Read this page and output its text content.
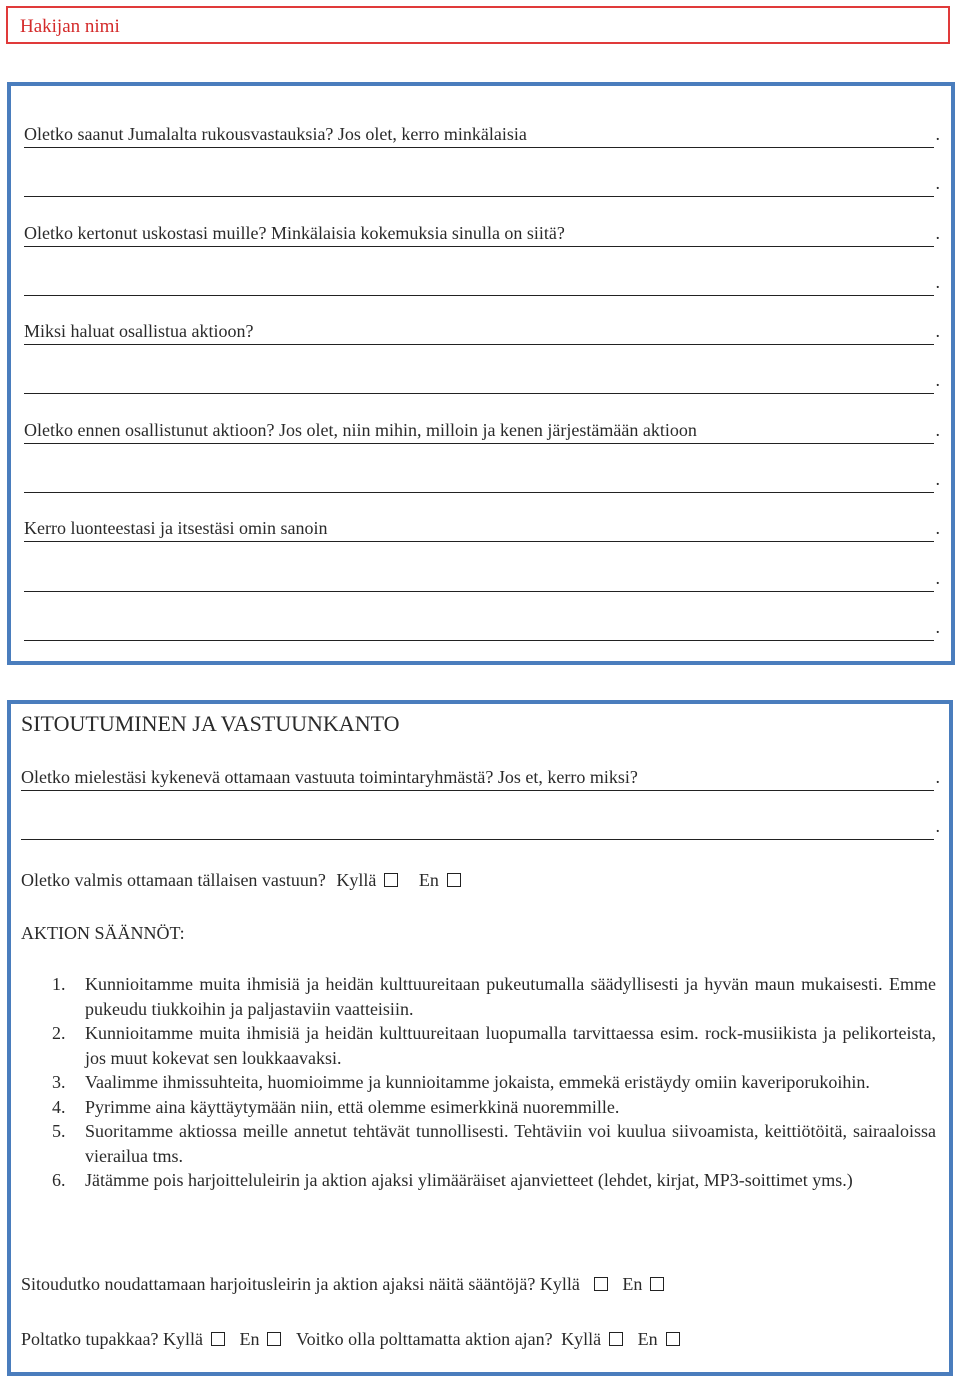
Hakijan nimi
Oletko saanut Jumalalta rukousvastauksia? Jos olet, kerro minkälaisia	.
.
Oletko kertonut uskostasi muille? Minkälaisia kokemuksia sinulla on siitä?	.
.
Miksi haluat osallistua aktioon?	.
.
Oletko ennen osallistunut aktioon? Jos olet, niin mihin, milloin ja kenen järjestämään aktioon	.
.
Kerro luonteestasi ja itsestäsi omin sanoin	.
.
.
SITOUTUMINEN JA VASTUUNKANTO
Oletko mielestäsi kykenevä ottamaan vastuuta toimintaryhmästä? Jos et, kerro miksi?	.
.
Oletko valmis ottamaan tällaisen vastuun? Kyllä En
AKTION SÄÄNNÖT:
1. Kunnioitamme muita ihmisiä ja heidän kulttuureitaan pukeutumalla säädyllisesti ja hyvän maun mukaisesti. Emme pukeudu tiukkoihin ja paljastaviin vaatteisiin.
2. Kunnioitamme muita ihmisiä ja heidän kulttuureitaan luopumalla tarvittaessa esim. rock-musiikista ja pelikorteista, jos muut kokevat sen loukkaavaksi.
3. Vaalimme ihmissuhteita, huomioimme ja kunnioitamme jokaista, emmekä eristäydy omiin kaveriporukoihin.
4. Pyrimme aina käyttäytymään niin, että olemme esimerkkinä nuoremmille.
5. Suoritamme aktiossa meille annetut tehtävät tunnollisesti. Tehtäviin voi kuulua siivoamista, keittiötöitä, sairaaloissa vierailua tms.
6. Jätämme pois harjoitteluleirin ja aktion ajaksi ylimääräiset ajanvietteet (lehdet, kirjat, MP3-soittimet yms.)
Sitoudutko noudattamaan harjoitusleirin ja aktion ajaksi näitä sääntöjä? Kyllä En
Poltatko tupakkaa? Kyllä En Voitko olla polttamatta aktion ajan? Kyllä En
